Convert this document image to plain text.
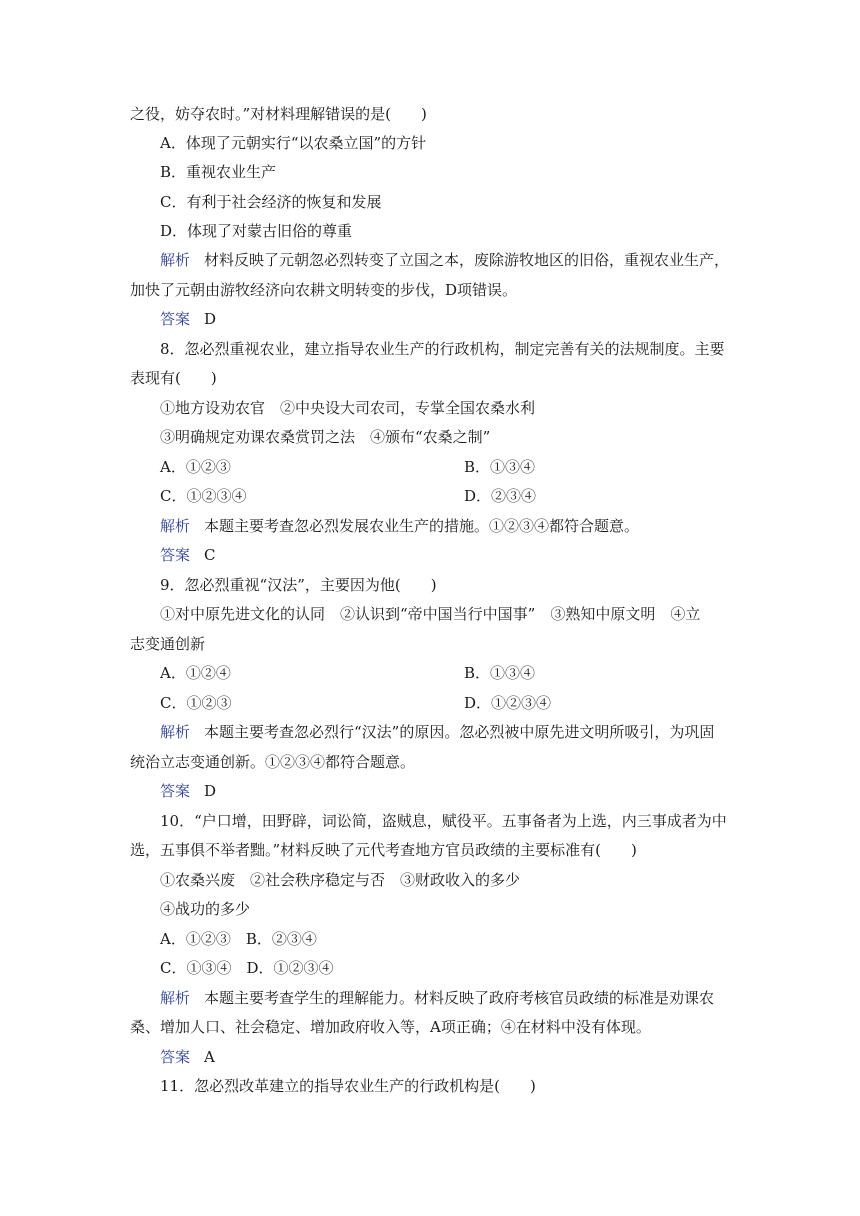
之役，妨夺农时。”对材料理解错误的是(　　)
A．体现了元朝实行“以农桑立国”的方针
B．重视农业生产
C．有利于社会经济的恢复和发展
D．体现了对蒙古旧俗的尊重
解析 材料反映了元朝忽必烈转变了立国之本，废除游牧地区的旧俗，重视农业生产，
加快了元朝由游牧经济向农耕文明转变的步伐，D项错误。
答案 D
8．忽必烈重视农业，建立指导农业生产的行政机构，制定完善有关的法规制度。主要
表现有(　　)
①地方设劝农官　②中央设大司农司，专掌全国农桑水利
③明确规定劝课农桑赏罚之法　④颁布“农桑之制”
A．①②③	B．①③④
C．①②③④	D．②③④
解析 本题主要考查忽必烈发展农业生产的措施。①②③④都符合题意。
答案 C
9．忽必烈重视“汉法”，主要因为他(　　)
①对中原先进文化的认同　②认识到“帝中国当行中国事”　③熟知中原文明　④立
志变通创新
A．①②④	B．①③④
C．①②③	D．①②③④
解析 本题主要考查忽必烈行“汉法”的原因。忽必烈被中原先进文明所吸引，为巩固
统治立志变通创新。①②③④都符合题意。
答案 D
10．“户口增，田野辟，词讼简，盗贼息，赋役平。五事备者为上选，内三事成者为中
选，五事俱不举者黜。”材料反映了元代考查地方官员政绩的主要标准有(　　)
①农桑兴废　②社会秩序稳定与否　③财政收入的多少
④战功的多少
A．①②③　B．②③④
C．①③④　D．①②③④
解析 本题主要考查学生的理解能力。材料反映了政府考核官员政绩的标准是劝课农
桑、增加人口、社会稳定、增加政府收入等，A项正确；④在材料中没有体现。
答案 A
11．忽必烈改革建立的指导农业生产的行政机构是(　　)
